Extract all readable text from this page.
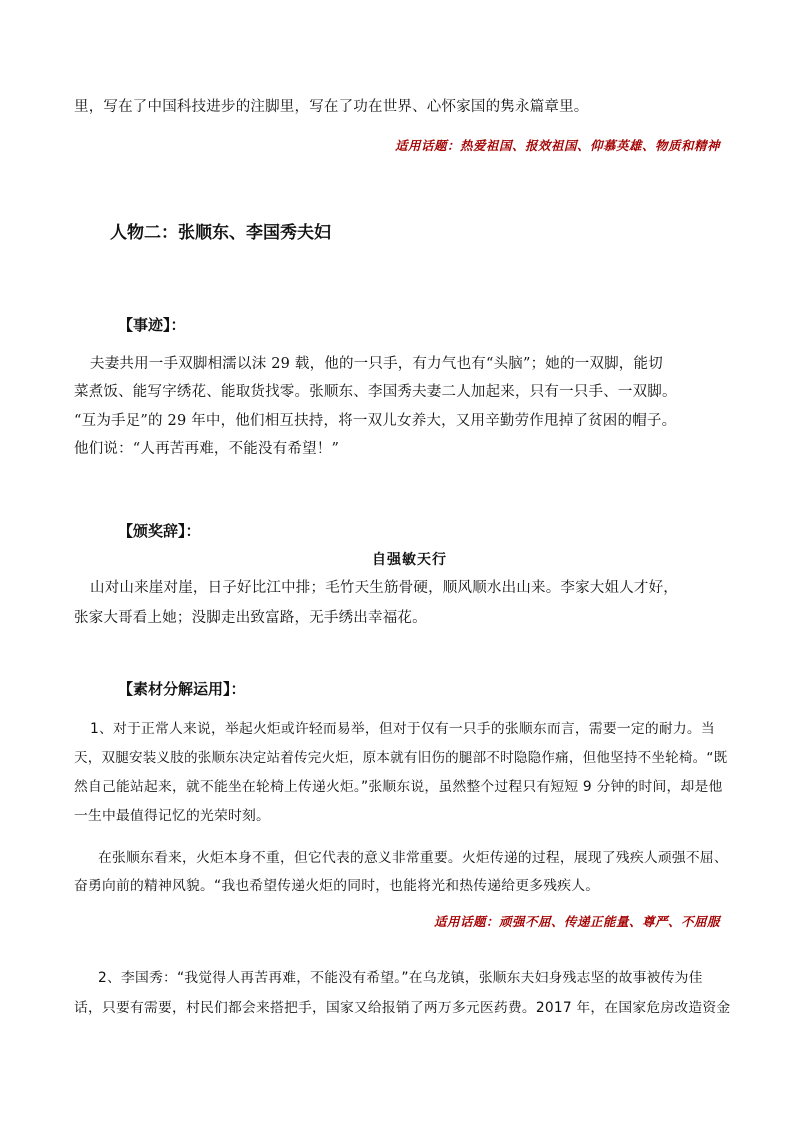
里，写在了中国科技进步的注脚里，写在了功在世界、心怀家国的隽永篇章里。
适用话题：热爱祖国、报效祖国、仰慕英雄、物质和精神
人物二：张顺东、李国秀夫妇
【事迹】：
夫妻共用一手双脚相濡以沫 29 载，他的一只手，有力气也有“头脑”；她的一双脚，能切
菜煮饭、能写字绣花、能取货找零。张顺东、李国秀夫妻二人加起来，只有一只手、一双脚。
“互为手足”的 29 年中，他们相互扶持，将一双儿女养大，又用辛勤劳作甩掉了贫困的帽子。
他们说：“人再苦再难，不能没有希望！”
【颁奖辞】：
自强敏天行
山对山来崖对崖，日子好比江中排；毛竹天生筋骨硬，顺风顺水出山来。李家大姐人才好，
张家大哥看上她；没脚走出致富路，无手绣出幸福花。
【素材分解运用】：
1、对于正常人来说，举起火炬或许轻而易举，但对于仅有一只手的张顺东而言，需要一定的耐力。当
天，双腿安装义肢的张顺东决定站着传完火炬，原本就有旧伤的腿部不时隐隐作痛，但他坚持不坐轮椅。“既
然自己能站起来，就不能坐在轮椅上传递火炬。”张顺东说，虽然整个过程只有短短 9 分钟的时间，却是他
一生中最值得记忆的光荣时刻。
在张顺东看来，火炬本身不重，但它代表的意义非常重要。火炬传递的过程，展现了残疾人顽强不屈、
奋勇向前的精神风貌。“我也希望传递火炬的同时，也能将光和热传递给更多残疾人。
适用话题：顽强不屈、传递正能量、尊严、不屈服
2、李国秀：“我觉得人再苦再难，不能没有希望。”在乌龙镇，张顺东夫妇身残志坚的故事被传为佳
话，只要有需要，村民们都会来搭把手，国家又给报销了两万多元医药费。2017 年，在国家危房改造资金
